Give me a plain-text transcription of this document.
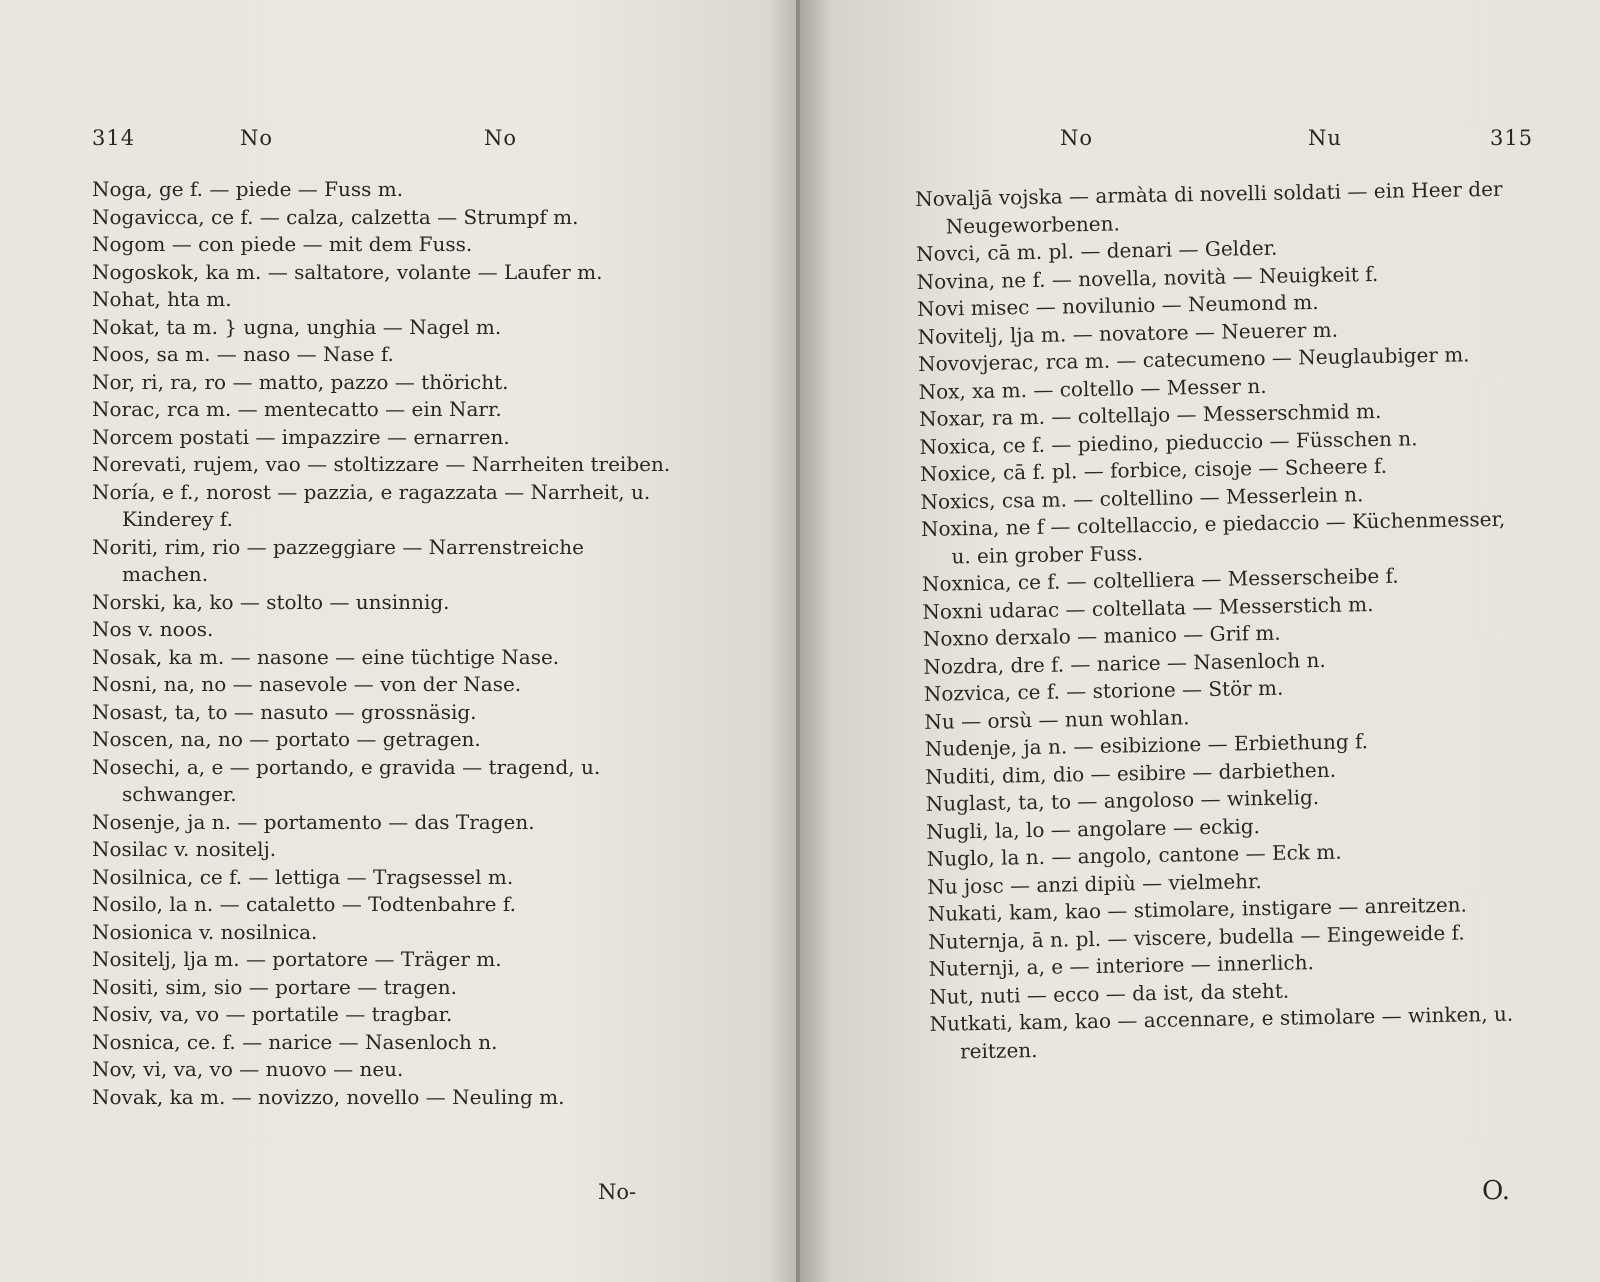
314	No	No
Noga, ge f. — piede — Fuss m.
Nogavicca, ce f. — calza, calzetta — Strumpf m.
Nogom — con piede — mit dem Fuss.
Nogoskok, ka m. — saltatore, volante — Laufer m.
Nohat, hta m.
Nokat, ta m. } ugna, unghia — Nagel m.
Noos, sa m. — naso — Nase f.
Nor, ri, ra, ro — matto, pazzo — thöricht.
Norac, rca m. — mentecatto — ein Narr.
Norcem postati — impazzire — ernarren.
Norevati, rujem, vao — stoltizzare — Narrheiten treiben.
Noría, e f., norost — pazzia, e ragazzata — Narrheit, u. Kinderey f.
Noriti, rim, rio — pazzeggiare — Narrenstreiche machen.
Norski, ka, ko — stolto — unsinnig.
Nos v. noos.
Nosak, ka m. — nasone — eine tüchtige Nase.
Nosni, na, no — nasevole — von der Nase.
Nosast, ta, to — nasuto — grossnäsig.
Noscen, na, no — portato — getragen.
Nosechi, a, e — portando, e gravida — tragend, u. schwanger.
Nosenje, ja n. — portamento — das Tragen.
Nosilac v. nositelj.
Nosilnica, ce f. — lettiga — Tragsessel m.
Nosilo, la n. — cataletto — Todtenbahre f.
Nosionica v. nosilnica.
Nositelj, lja m. — portatore — Träger m.
Nositi, sim, sio — portare — tragen.
Nosiv, va, vo — portatile — tragbar.
Nosnica, ce. f. — narice — Nasenloch n.
Nov, vi, va, vo — nuovo — neu.
Novak, ka m. — novizzo, novello — Neuling m.
No-
No	Nu	315
Novaljā vojska — armàta di novelli soldati — ein Heer der Neugeworbenen.
Novci, cā m. pl. — denari — Gelder.
Novina, ne f. — novella, novità — Neuigkeit f.
Novi misec — novilunio — Neumond m.
Novitelj, lja m. — novatore — Neuerer m.
Novovjerac, rca m. — catecumeno — Neuglaubiger m.
Nox, xa m. — coltello — Messer n.
Noxar, ra m. — coltellajo — Messerschmid m.
Noxica, ce f. — piedino, pieduccio — Füsschen n.
Noxice, cā f. pl. — forbice, cisoje — Scheere f.
Noxics, csa m. — coltellino — Messerlein n.
Noxina, ne f — coltellaccio, e piedaccio — Küchenmesser, u. ein grober Fuss.
Noxnica, ce f. — coltelliera — Messerscheibe f.
Noxni udarac — coltellata — Messerstich m.
Noxno derxalo — manico — Grif m.
Nozdra, dre f. — narice — Nasenloch n.
Nozvica, ce f. — storione — Stör m.
Nu — orsù — nun wohlan.
Nudenje, ja n. — esibizione — Erbiethung f.
Nuditi, dim, dio — esibire — darbiethen.
Nuglast, ta, to — angoloso — winkelig.
Nugli, la, lo — angolare — eckig.
Nuglo, la n. — angolo, cantone — Eck m.
Nu josc — anzi dipiù — vielmehr.
Nukati, kam, kao — stimolare, instigare — anreitzen.
Nuternja, ā n. pl. — viscere, budella — Eingeweide f.
Nuternji, a, e — interiore — innerlich.
Nut, nuti — ecco — da ist, da steht.
Nutkati, kam, kao — accennare, e stimolare — winken, u. reitzen.
O.
